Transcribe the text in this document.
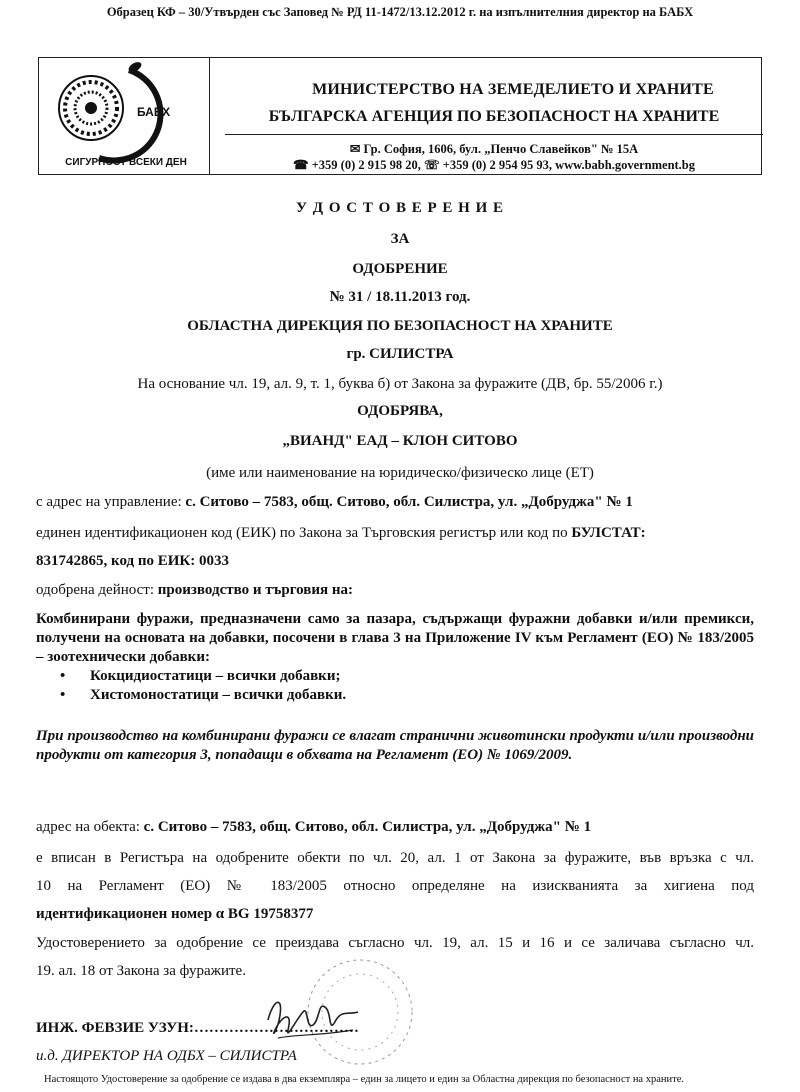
Образец КФ – 30/Утвърден със Заповед № РД 11-1472/13.12.2012 г. на изпълнителния директор на БАБХ
БАБХ
СИГУРНОСТ ВСЕКИ ДЕН
МИНИСТЕРСТВО НА ЗЕМЕДЕЛИЕТО И ХРАНИТЕ
БЪЛГАРСКА АГЕНЦИЯ ПО БЕЗОПАСНОСТ НА ХРАНИТЕ
✉ Гр. София, 1606, бул. „Пенчо Славейков" № 15А
☎ +359 (0) 2 915 98 20, ☏ +359 (0) 2 954 95 93, www.babh.government.bg
У Д О С Т О В Е Р Е Н И Е
ЗА
ОДОБРЕНИЕ
№ 31 / 18.11.2013 год.
ОБЛАСТНА ДИРЕКЦИЯ ПО БЕЗОПАСНОСТ НА ХРАНИТЕ
гр. СИЛИСТРА
На основание чл. 19, ал. 9, т. 1, буква б) от Закона за фуражите (ДВ, бр. 55/2006 г.)
ОДОБРЯВА,
„ВИАНД" ЕАД – КЛОН СИТОВО
(име или наименование на юридическо/физическо лице (ЕТ)
с адрес на управление: с. Ситово – 7583, общ. Ситово, обл. Силистра, ул. „Добруджа" № 1
единен идентификационен код (ЕИК) по Закона за Търговския регистър или код по БУЛСТАТ:
831742865, код по ЕИК: 0033
одобрена дейност: производство и търговия на:
Комбинирани фуражи, предназначени само за пазара, съдържащи фуражни добавки и/или премикси, получени на основата на добавки, посочени в глава 3 на Приложение IV към Регламент (ЕО) № 183/2005 – зоотехнически добавки:
• Кокцидиостатици – всички добавки;
• Хистомоностатици – всички добавки.
При производство на комбинирани фуражи се влагат странични животински продукти и/или производни продукти от категория 3, попадащи в обхвата на Регламент (ЕО) № 1069/2009.
адрес на обекта: с. Ситово – 7583, общ. Ситово, обл. Силистра, ул. „Добруджа" № 1
е вписан в Регистъра на одобрените обекти по чл. 20, ал. 1 от Закона за фуражите, във връзка с чл.
10 на Регламент (ЕО) № 183/2005 относно определяне на изискванията за хигиена под
идентификационен номер α BG 19758377
Удостоверението за одобрение се преиздава съгласно чл. 19, ал. 15 и 16 и се заличава съгласно чл.
19. ал. 18 от Закона за фуражите.
ИНЖ. ФЕВЗИЕ УЗУН:……………………………
и.д. ДИРЕКТОР НА ОДБХ – СИЛИСТРА
Настоящото Удостоверение за одобрение се издава в два екземпляра – един за лицето и един за Областна дирекция по безопасност на храните.
